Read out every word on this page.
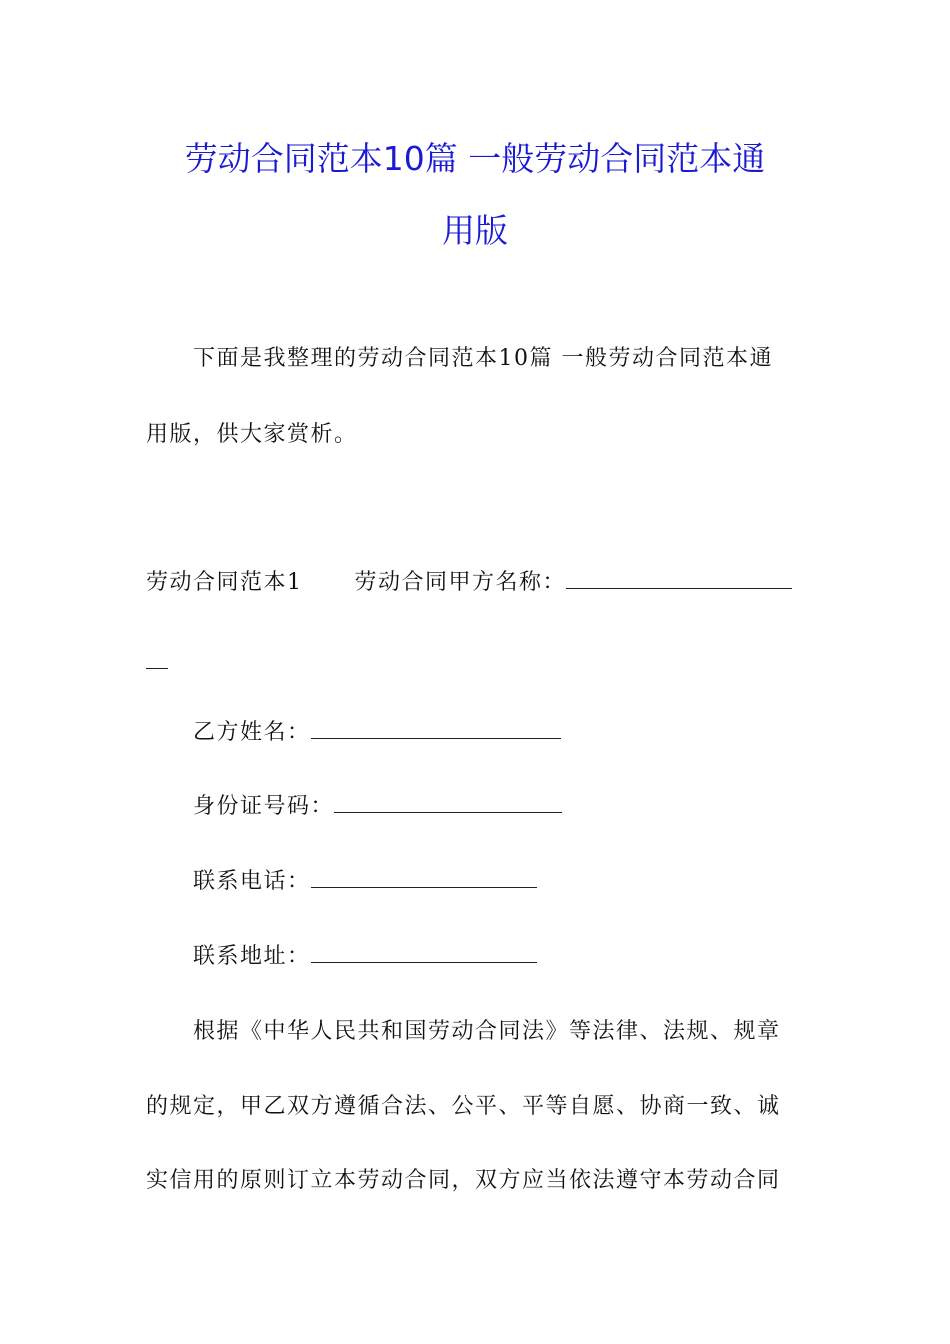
劳动合同范本10篇 一般劳动合同范本通
用版
下面是我整理的劳动合同范本10篇 一般劳动合同范本通
用版，供大家赏析。
劳动合同范本1 劳动合同甲方名称：
乙方姓名：
身份证号码：
联系电话：
联系地址：
根据《中华人民共和国劳动合同法》等法律、法规、规章
的规定，甲乙双方遵循合法、公平、平等自愿、协商一致、诚
实信用的原则订立本劳动合同，双方应当依法遵守本劳动合同
